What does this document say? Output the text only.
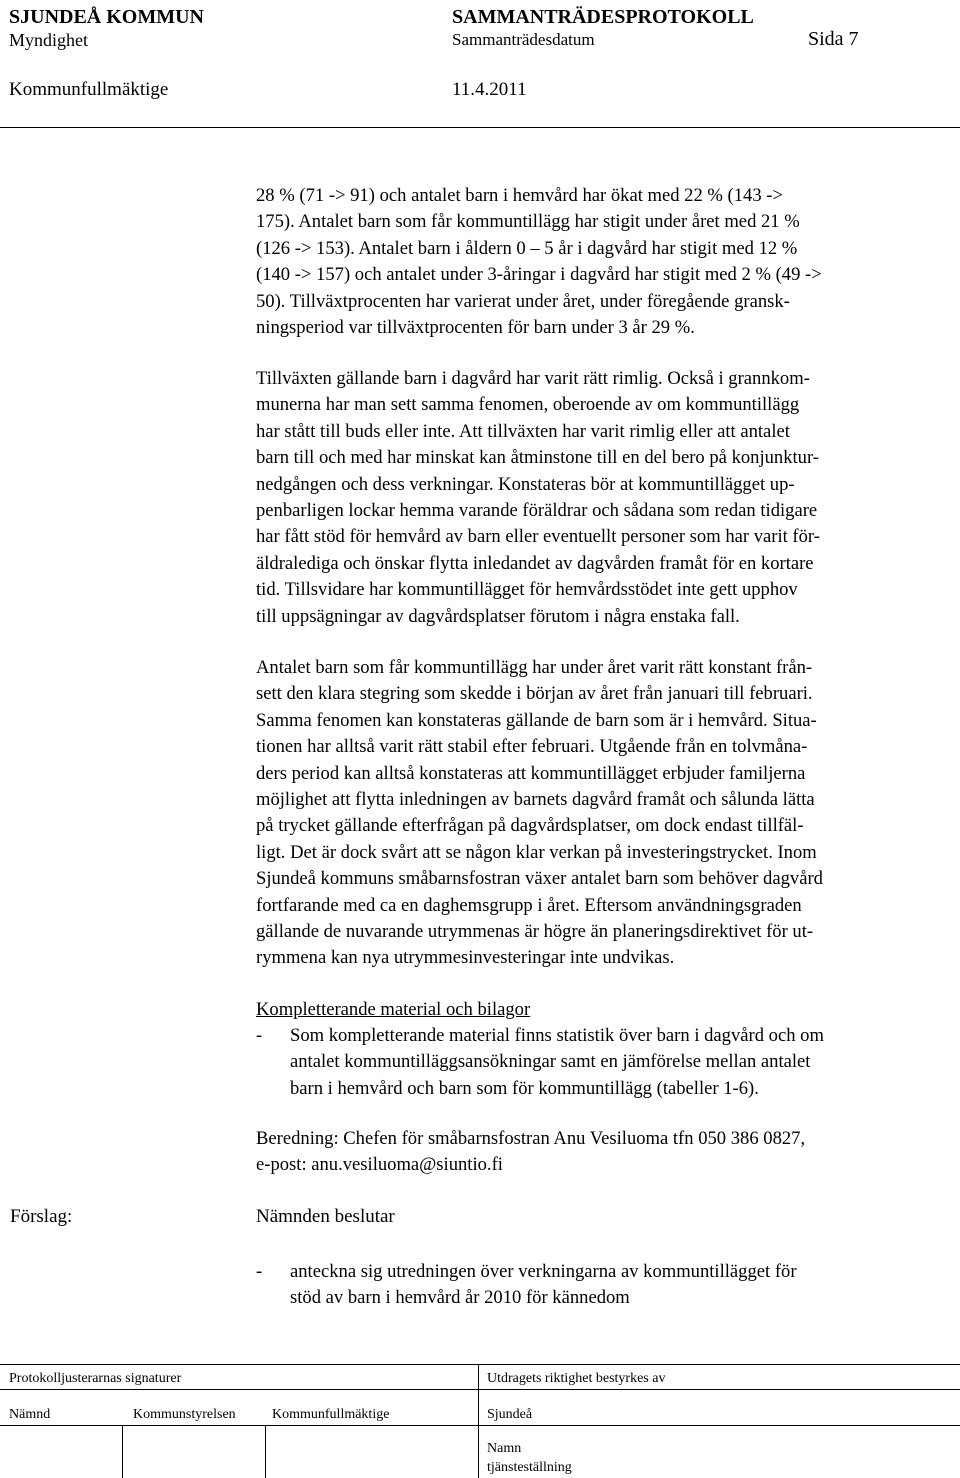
SJUNDEÅ KOMMUN	SAMMANTRÄDESPROTOKOLL
Myndighet	Sammanträdesdatum	Sida 7
Kommunfullmäktige	11.4.2011
28 % (71 -> 91) och antalet barn i hemvård har ökat med 22 % (143 ->
175). Antalet barn som får kommuntillägg har stigit under året med 21 %
(126 -> 153). Antalet barn i åldern 0 – 5 år i dagvård har stigit med 12 %
(140 -> 157) och antalet under 3-åringar i dagvård har stigit med 2 % (49 ->
50). Tillväxtprocenten har varierat under året, under föregående gransk-
ningsperiod var tillväxtprocenten för barn under 3 år 29 %.
Tillväxten gällande barn i dagvård har varit rätt rimlig. Också i grannkom-
munerna har man sett samma fenomen, oberoende av om kommuntillägg
har stått till buds eller inte. Att tillväxten har varit rimlig eller att antalet
barn till och med har minskat kan åtminstone till en del bero på konjunktur-
nedgången och dess verkningar. Konstateras bör at kommuntillägget up-
penbarligen lockar hemma varande föräldrar och sådana som redan tidigare
har fått stöd för hemvård av barn eller eventuellt personer som har varit för-
äldralediga och önskar flytta inledandet av dagvården framåt för en kortare
tid. Tillsvidare har kommuntillägget för hemvårdsstödet inte gett upphov
till uppsägningar av dagvårdsplatser förutom i några enstaka fall.
Antalet barn som får kommuntillägg har under året varit rätt konstant från-
sett den klara stegring som skedde i början av året från januari till februari.
Samma fenomen kan konstateras gällande de barn som är i hemvård. Situa-
tionen har alltså varit rätt stabil efter februari. Utgående från en tolvmåna-
ders period kan alltså konstateras att kommuntillägget erbjuder familjerna
möjlighet att flytta inledningen av barnets dagvård framåt och sålunda lätta
på trycket gällande efterfrågan på dagvårdsplatser, om dock endast tillfäl-
ligt. Det är dock svårt att se någon klar verkan på investeringstrycket. Inom
Sjundeå kommuns småbarnsfostran växer antalet barn som behöver dagvård
fortfarande med ca en daghemsgrupp i året. Eftersom användningsgraden
gällande de nuvarande utrymmenas är högre än planeringsdirektivet för ut-
rymmena kan nya utrymmesinvesteringar inte undvikas.
Kompletterande material och bilagor
- Som kompletterande material finns statistik över barn i dagvård och om
antalet kommuntilläggsansökningar samt en jämförelse mellan antalet
barn i hemvård och barn som för kommuntillägg (tabeller 1-6).
Beredning: Chefen för småbarnsfostran Anu Vesiluoma tfn 050 386 0827,
e-post: anu.vesiluoma@siuntio.fi
Förslag:	Nämnden beslutar
- anteckna sig utredningen över verkningarna av kommuntillägget för
stöd av barn i hemvård år 2010 för kännedom
Protokolljusterarnas signaturer	Utdragets riktighet bestyrkes av
Nämnd	Kommunstyrelsen	Kommunfullmäktige	Sjundeå
Namn
tjänsteställning
